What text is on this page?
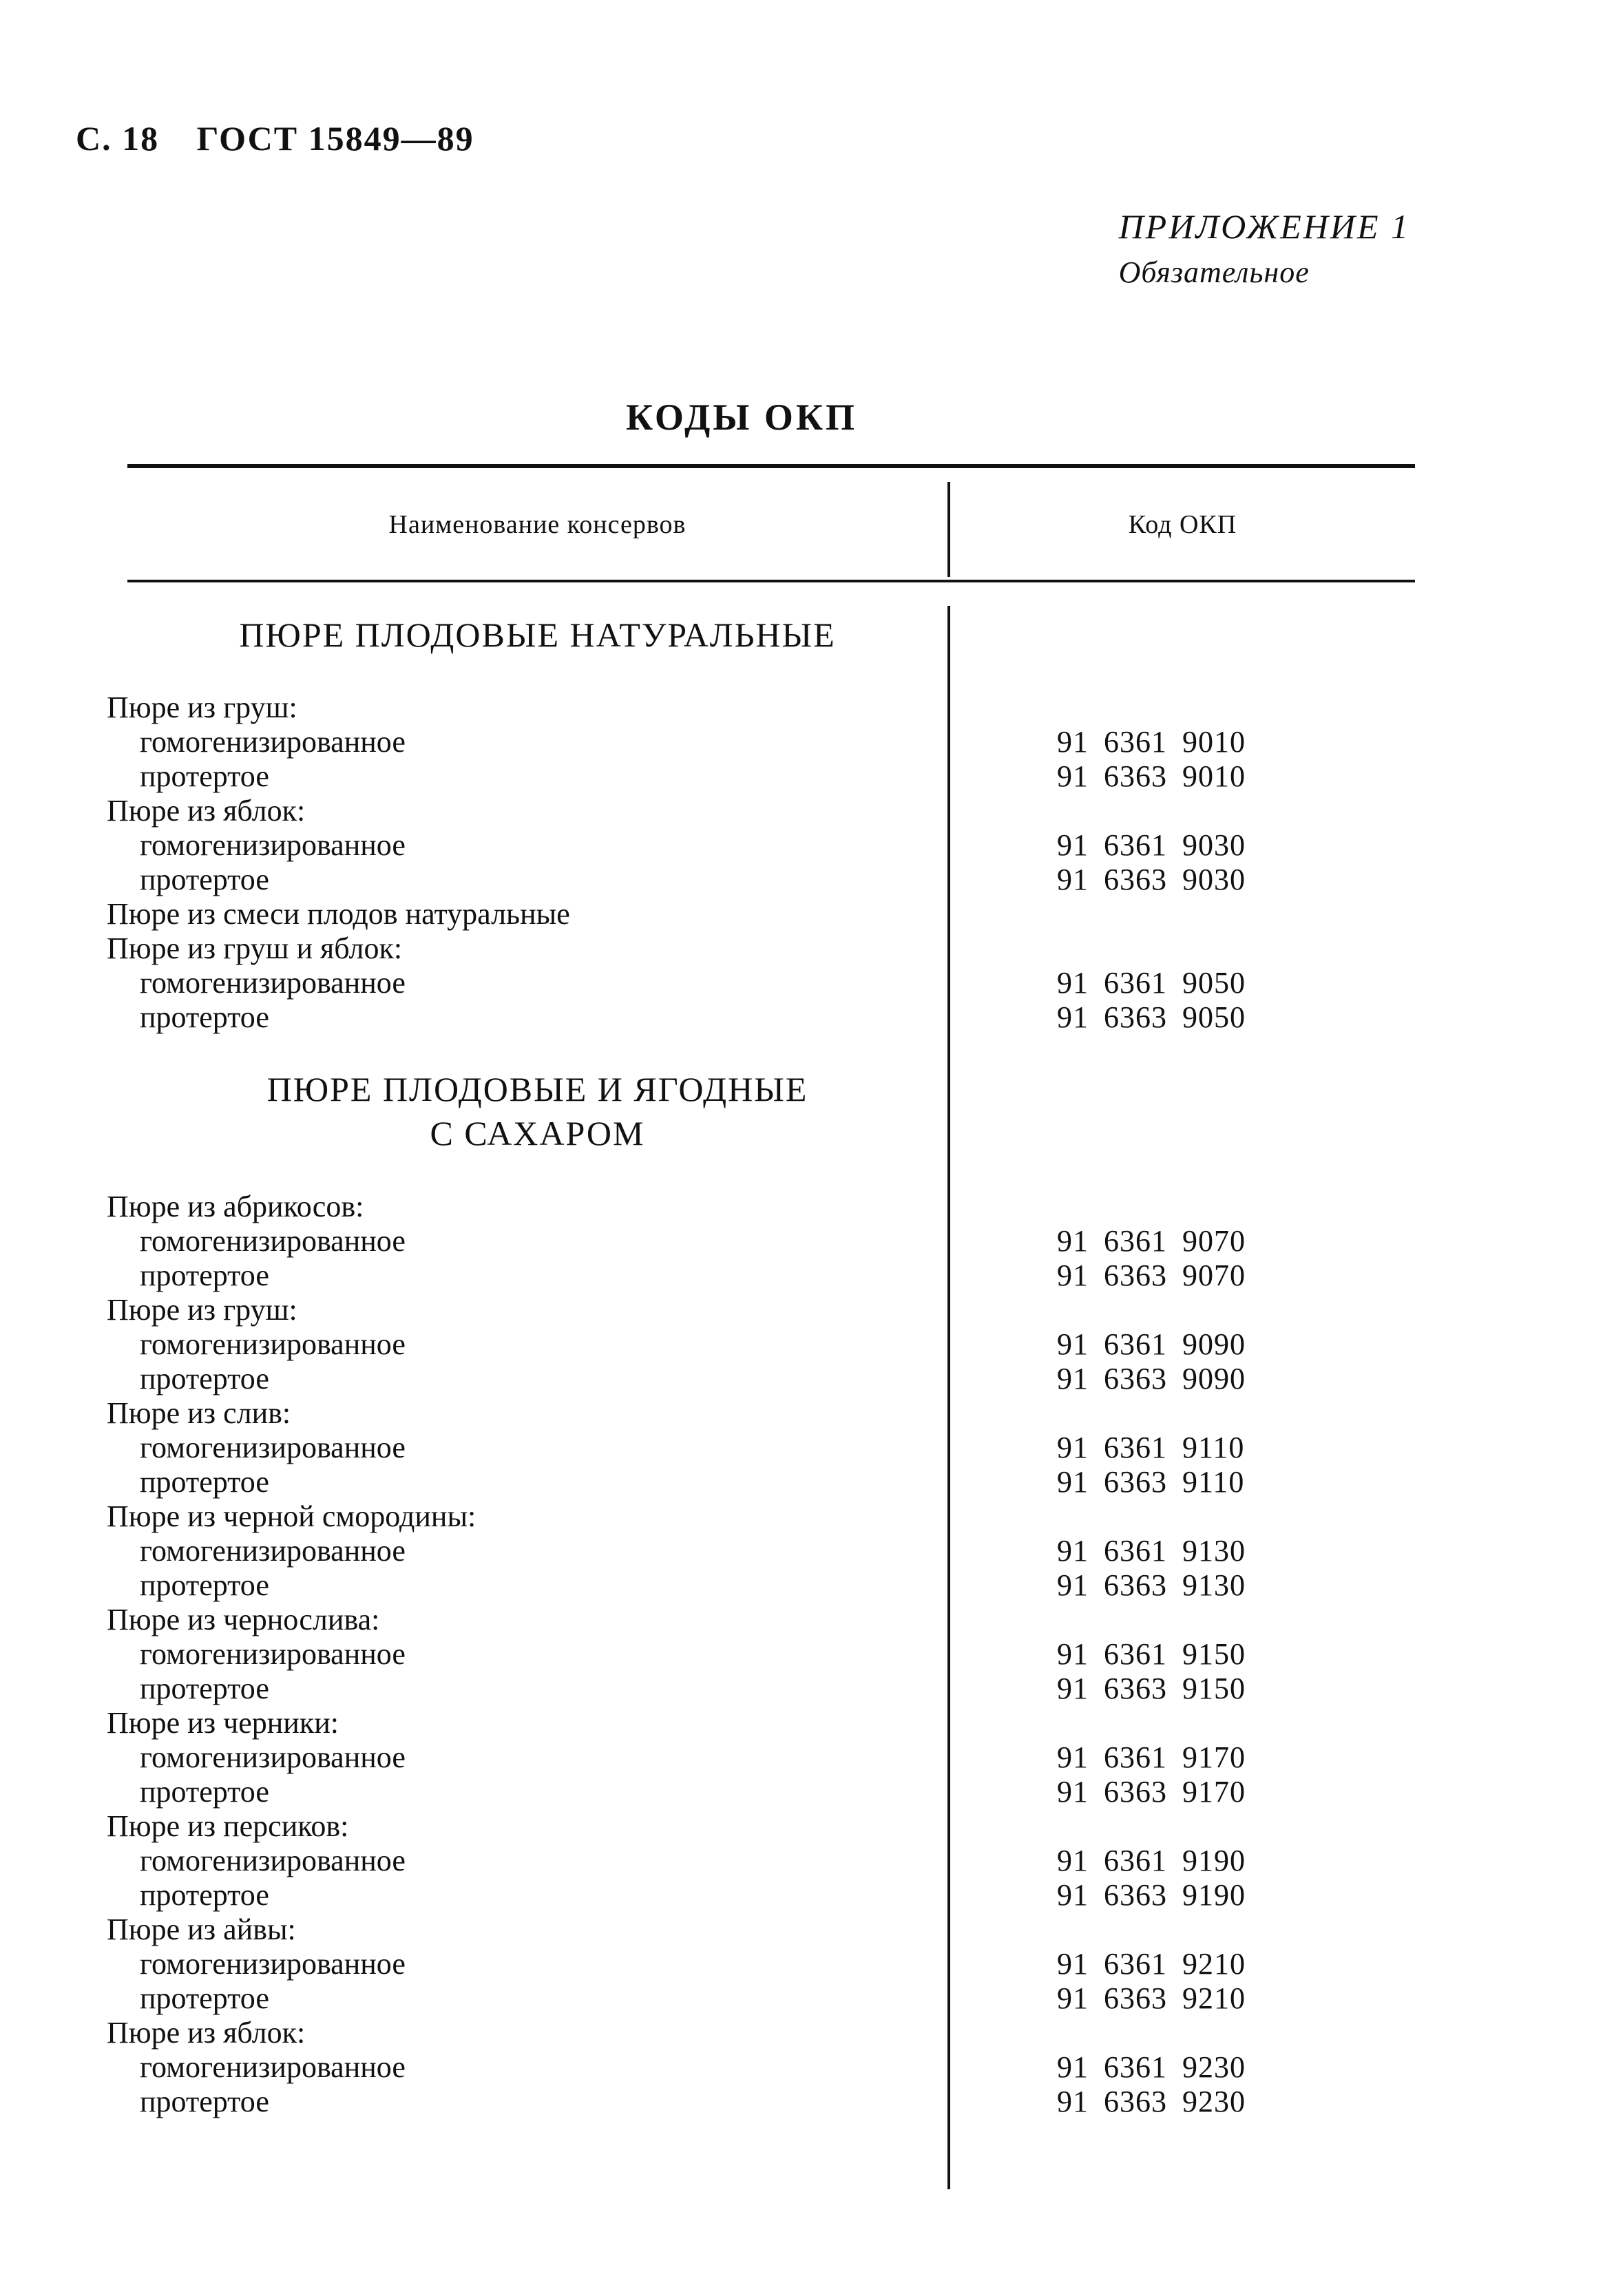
С. 18 ГОСТ 15849—89
ПРИЛОЖЕНИЕ 1
Обязательное
КОДЫ ОКП
Наименование консервов	Код ОКП
ПЮРЕ ПЛОДОВЫЕ НАТУРАЛЬНЫЕ
Пюре из груш:
гомогенизированное	91 6361 9010
протертое	91 6363 9010
Пюре из яблок:
гомогенизированное	91 6361 9030
протертое	91 6363 9030
Пюре из смеси плодов натуральные
Пюре из груш и яблок:
гомогенизированное	91 6361 9050
протертое	91 6363 9050
ПЮРЕ ПЛОДОВЫЕ И ЯГОДНЫЕ
С САХАРОМ
Пюре из абрикосов:
гомогенизированное	91 6361 9070
протертое	91 6363 9070
Пюре из груш:
гомогенизированное	91 6361 9090
протертое	91 6363 9090
Пюре из слив:
гомогенизированное	91 6361 9110
протертое	91 6363 9110
Пюре из черной смородины:
гомогенизированное	91 6361 9130
протертое	91 6363 9130
Пюре из чернослива:
гомогенизированное	91 6361 9150
протертое	91 6363 9150
Пюре из черники:
гомогенизированное	91 6361 9170
протертое	91 6363 9170
Пюре из персиков:
гомогенизированное	91 6361 9190
протертое	91 6363 9190
Пюре из айвы:
гомогенизированное	91 6361 9210
протертое	91 6363 9210
Пюре из яблок:
гомогенизированное	91 6361 9230
протертое	91 6363 9230
